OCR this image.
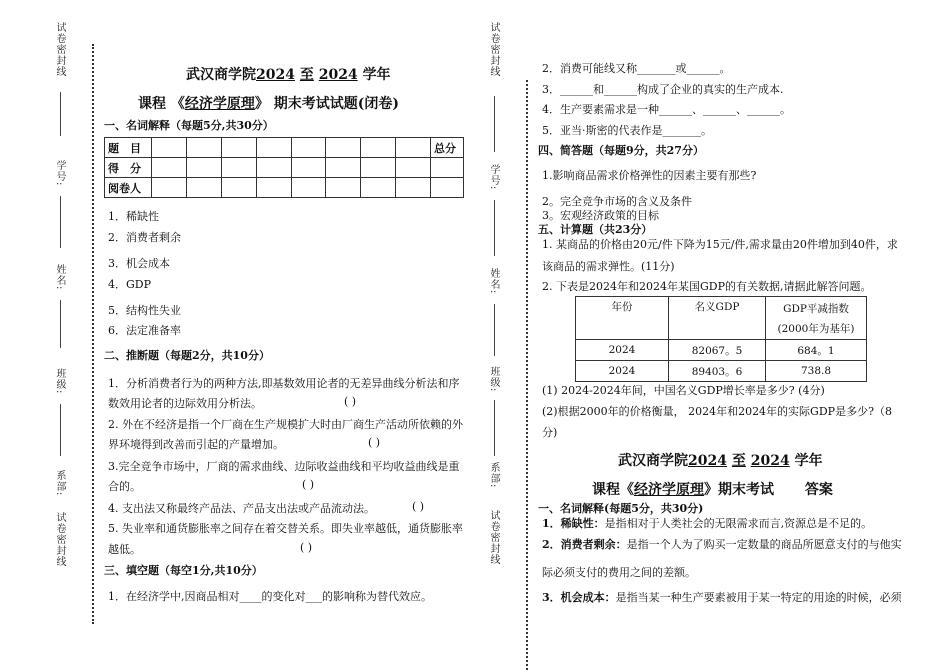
试卷密封线
学号:
姓名:
班级:
系部:
试卷密封线
试卷密封线
学号:
姓名:
班级:
系部:
试卷密封线
武汉商学院2024 至 2024 学年
课程 《经济学原理》 期末考试试题(闭卷)
一、名词解释（每题5分,共30分）
题　目									总分
得　分									
阅卷人									
1．稀缺性
2．消费者剩余
3．机会成本
4．GDP
5．结构性失业
6．法定准备率
二、推断题（每题2分，共10分）
1．分析消费者行为的两种方法,即基数效用论者的无差异曲线分析法和序
数效用论者的边际效用分析法。	( )
2. 外在不经济是指一个厂商在生产规模扩大时由厂商生产活动所依赖的外
界环境得到改善而引起的产量增加。	( )
3.完全竞争市场中，厂商的需求曲线、边际收益曲线和平均收益曲线是重
合的。	( )
4. 支出法又称最终产品法、产品支出法或产品流动法。	( )
5. 失业率和通货膨胀率之间存在着交替关系。即失业率越低，通货膨胀率
越低。	( )
三、填空题（每空1分,共10分）
1．在经济学中,因商品相对____的变化对___的影响称为替代效应。
2．消费可能线又称_______或______。
3．______和______构成了企业的真实的生产成本.
4．生产要素需求是一种______、______、______。
5．亚当·斯密的代表作是_______。
四、简答题（每题9分，共27分）
1.影响商品需求价格弹性的因素主要有那些?
2。完全竞争市场的含义及条件
3。宏观经济政策的目标
五、计算题（共23分）
1. 某商品的价格由20元/件下降为15元/件,需求量由20件增加到40件，求
该商品的需求弹性。(11分)
2. 下表是2024年和2024年某国GDP的有关数据,请据此解答问题。
年份	名义GDP	GDP平减指数
(2000年为基年)
2024	82067。5	684。1
2024	89403。6	738.8
(1) 2024-2024年间，中国名义GDP增长率是多少? (4分)
(2)根据2000年的价格衡量， 2024年和2024年的实际GDP是多少?（8
分)
武汉商学院2024 至 2024 学年
课程《经济学原理》期末考试 答案
一、名词解释(每题5分，共30分)
1．稀缺性：是指相对于人类社会的无限需求而言,资源总是不足的。
2．消费者剩余：是指一个人为了购买一定数量的商品所愿意支付的与他实
际必须支付的费用之间的差额。
3．机会成本：是指当某一种生产要素被用于某一特定的用途的时候，必须
